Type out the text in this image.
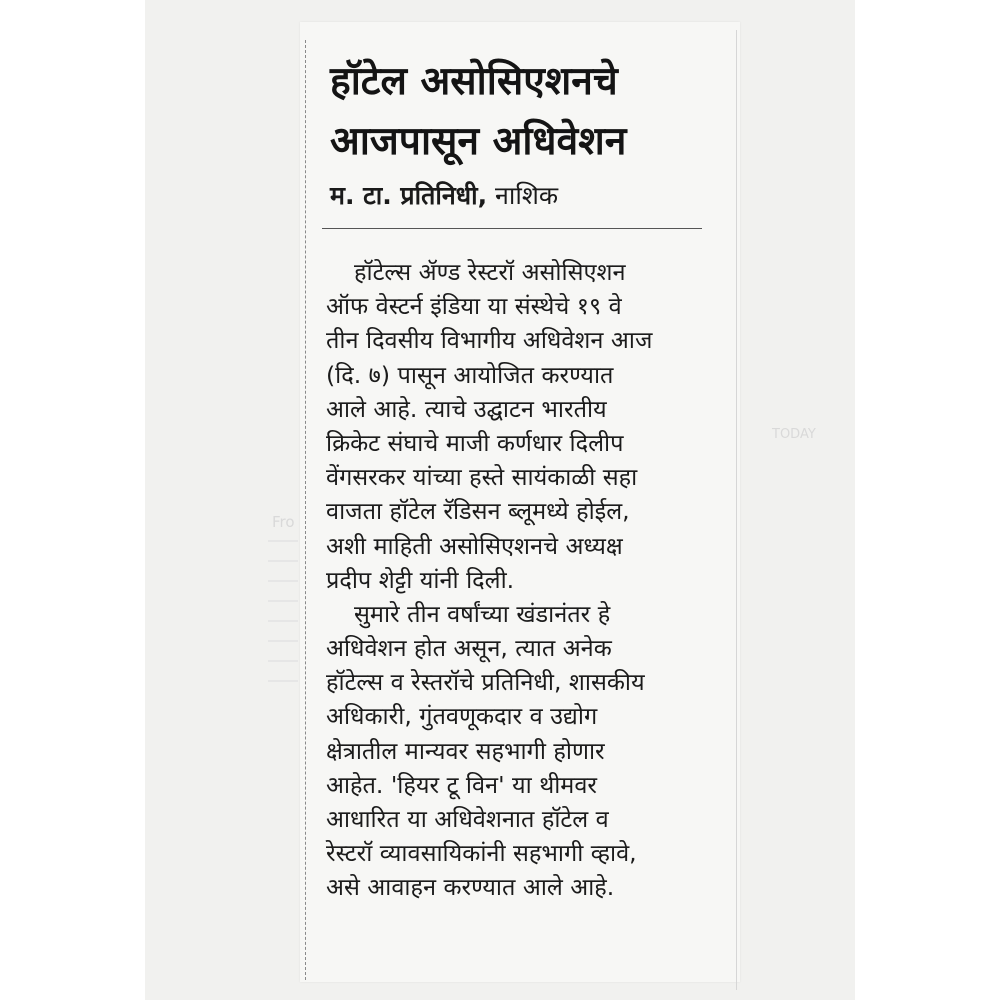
TODAY
Fro
हॉटेल असोसिएशनचे
आजपासून अधिवेशन
म. टा. प्रतिनिधी, नाशिक
हॉटेल्स ॲण्ड रेस्टरॉ असोसिएशन
ऑफ वेस्टर्न इंडिया या संस्थेचे १९ वे
तीन दिवसीय विभागीय अधिवेशन आज
(दि. ७) पासून आयोजित करण्यात
आले आहे. त्याचे उद्घाटन भारतीय
क्रिकेट संघाचे माजी कर्णधार दिलीप
वेंगसरकर यांच्या हस्ते सायंकाळी सहा
वाजता हॉटेल रॅडिसन ब्लूमध्ये होईल,
अशी माहिती असोसिएशनचे अध्यक्ष
प्रदीप शेट्टी यांनी दिली.
सुमारे तीन वर्षांच्या खंडानंतर हे
अधिवेशन होत असून, त्यात अनेक
हॉटेल्स व रेस्तरॉचे प्रतिनिधी, शासकीय
अधिकारी, गुंतवणूकदार व उद्योग
क्षेत्रातील मान्यवर सहभागी होणार
आहेत. 'हियर टू विन' या थीमवर
आधारित या अधिवेशनात हॉटेल व
रेस्टरॉ व्यावसायिकांनी सहभागी व्हावे,
असे आवाहन करण्यात आले आहे.
